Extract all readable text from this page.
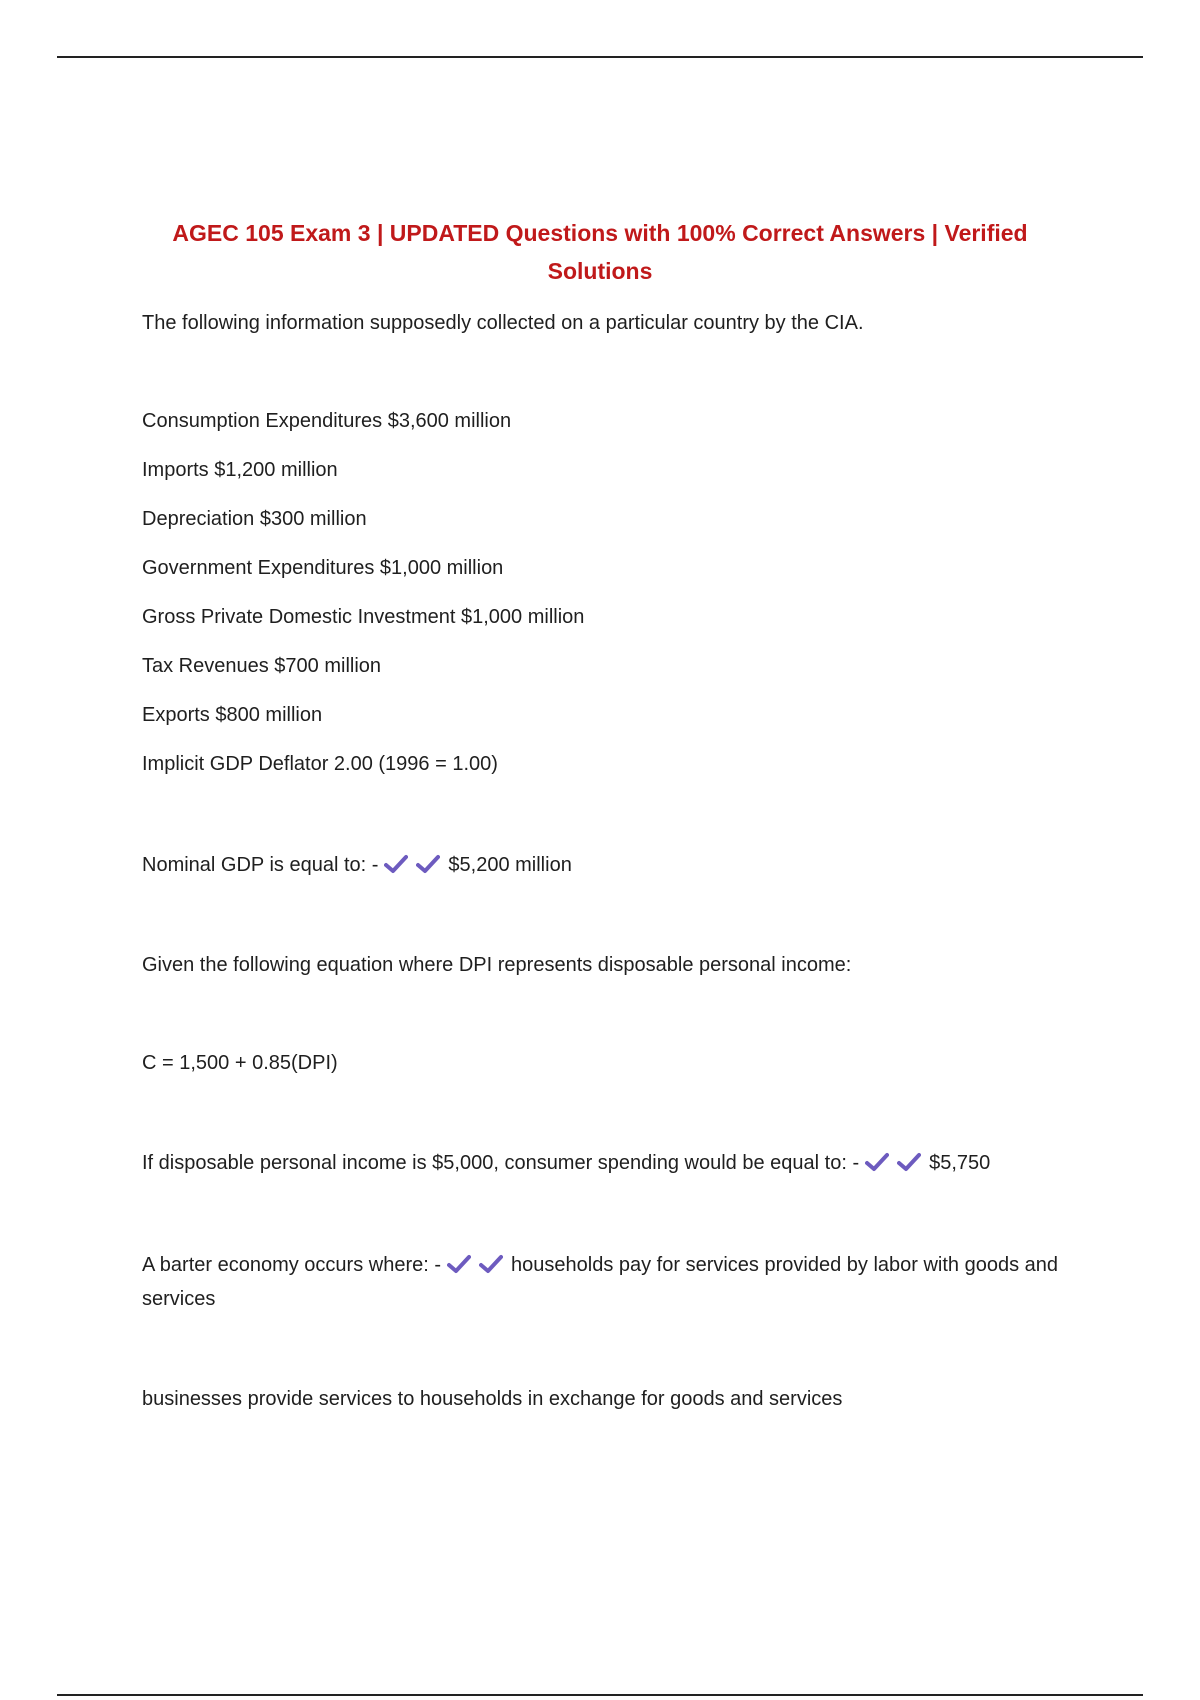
AGEC 105 Exam 3 | UPDATED Questions with 100% Correct Answers | Verified Solutions
The following information supposedly collected on a particular country by the CIA.
Consumption Expenditures $3,600 million
Imports $1,200 million
Depreciation $300 million
Government Expenditures $1,000 million
Gross Private Domestic Investment $1,000 million
Tax Revenues $700 million
Exports $800 million
Implicit GDP Deflator 2.00 (1996 = 1.00)
Nominal GDP is equal to: -	$5,200 million
Given the following equation where DPI represents disposable personal income:
C = 1,500 + 0.85(DPI)
If disposable personal income is $5,000, consumer spending would be equal to: -	$5,750
A barter economy occurs where: -	households pay for services provided by labor with goods and services
businesses provide services to households in exchange for goods and services
